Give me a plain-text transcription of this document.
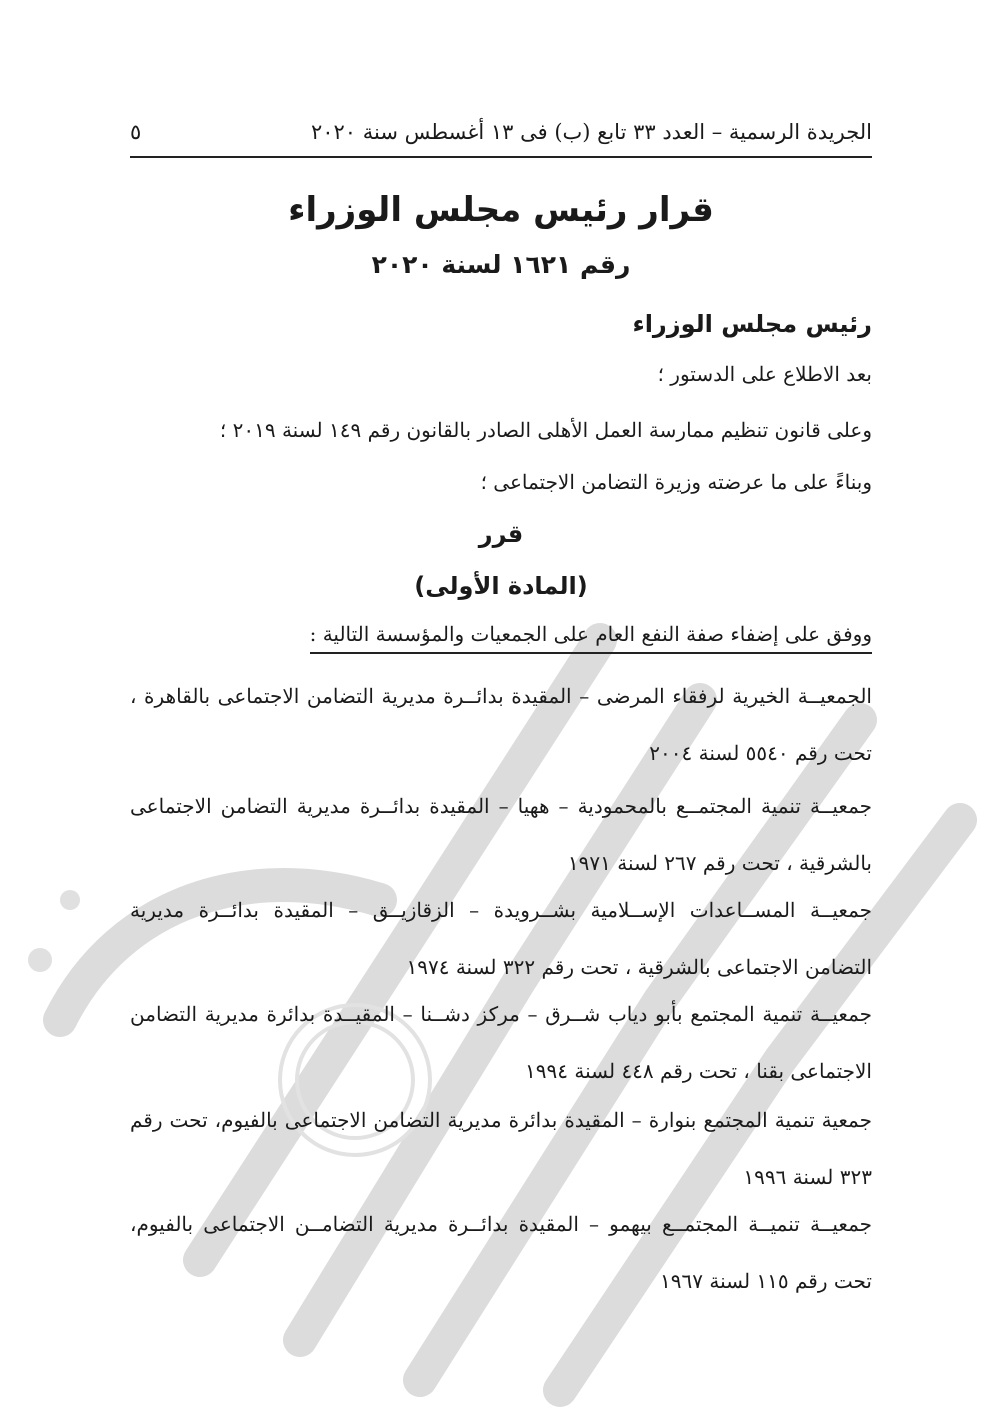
الجريدة الرسمية – العدد ٣٣ تابع (ب) فى ١٣ أغسطس سنة ٢٠٢٠
٥
قرار رئيس مجلس الوزراء
رقم ١٦٢١ لسنة ٢٠٢٠
رئيس مجلس الوزراء
بعد الاطلاع على الدستور ؛
وعلى قانون تنظيم ممارسة العمل الأهلى الصادر بالقانون رقم ١٤٩ لسنة ٢٠١٩ ؛
وبناءً على ما عرضته وزيرة التضامن الاجتماعى ؛
قرر
(المادة الأولى)
ووفق على إضفاء صفة النفع العام على الجمعيات والمؤسسة التالية :
الجمعيــة الخيرية لرفقاء المرضى – المقيدة بدائــرة مديرية التضامن الاجتماعى بالقاهرة ، تحت رقم ٥٥٤٠ لسنة ٢٠٠٤
جمعيــة تنمية المجتمــع بالمحمودية – ههيا – المقيدة بدائــرة مديرية التضامن الاجتماعى بالشرقية ، تحت رقم ٢٦٧ لسنة ١٩٧١
جمعيــة المســاعدات الإســلامية بشــرويدة – الزقازيــق – المقيدة بدائــرة مديرية التضامن الاجتماعى بالشرقية ، تحت رقم ٣٢٢ لسنة ١٩٧٤
جمعيــة تنمية المجتمع بأبو دياب شــرق – مركز دشــنا – المقيــدة بدائرة مديرية التضامن الاجتماعى بقنا ، تحت رقم ٤٤٨ لسنة ١٩٩٤
جمعية تنمية المجتمع بنوارة – المقيدة بدائرة مديرية التضامن الاجتماعى بالفيوم، تحت رقم ٣٢٣ لسنة ١٩٩٦
جمعيــة تنميــة المجتمــع بيهمو – المقيدة بدائــرة مديرية التضامــن الاجتماعى بالفيوم، تحت رقم ١١٥ لسنة ١٩٦٧
